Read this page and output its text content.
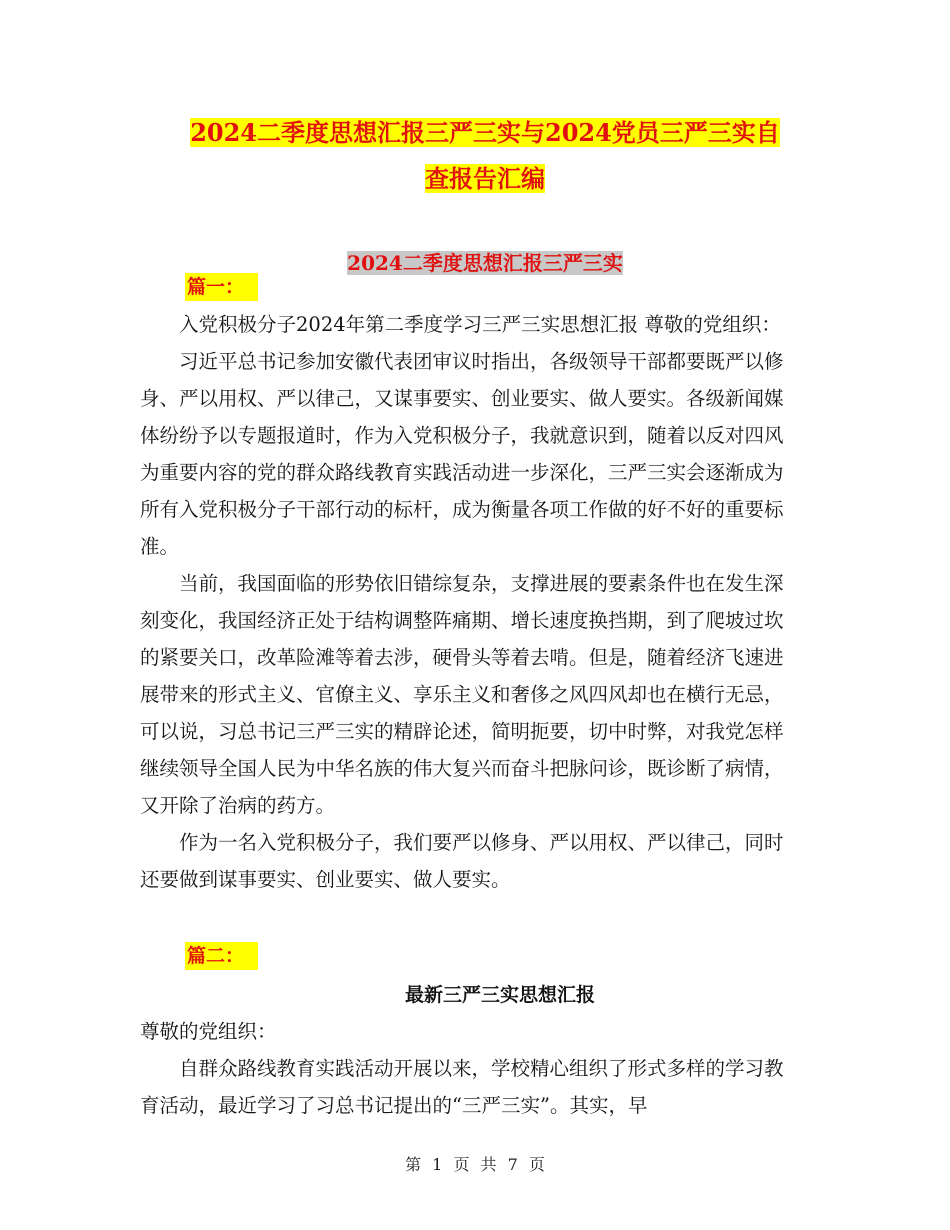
2024二季度思想汇报三严三实与2024党员三严三实自
查报告汇编
2024二季度思想汇报三严三实
篇一：

入党积极分子2024年第二季度学习三严三实思想汇报 尊敬的党组织：

习近平总书记参加安徽代表团审议时指出，各级领导干部都要既严以修身、严以用权、严以律己，又谋事要实、创业要实、做人要实。各级新闻媒体纷纷予以专题报道时，作为入党积极分子，我就意识到，随着以反对四风为重要内容的党的群众路线教育实践活动进一步深化，三严三实会逐渐成为所有入党积极分子干部行动的标杆，成为衡量各项工作做的好不好的重要标准。

当前，我国面临的形势依旧错综复杂，支撑进展的要素条件也在发生深刻变化，我国经济正处于结构调整阵痛期、增长速度换挡期，到了爬坡过坎的紧要关口，改革险滩等着去涉，硬骨头等着去啃。但是，随着经济飞速进展带来的形式主义、官僚主义、享乐主义和奢侈之风四风却也在横行无忌，可以说，习总书记三严三实的精辟论述，简明扼要，切中时弊，对我党怎样继续领导全国人民为中华名族的伟大复兴而奋斗把脉问诊，既诊断了病情，又开除了治病的药方。

作为一名入党积极分子，我们要严以修身、严以用权、严以律己，同时还要做到谋事要实、创业要实、做人要实。

篇二：
最新三严三实思想汇报
尊敬的党组织：

自群众路线教育实践活动开展以来，学校精心组织了形式多样的学习教育活动，最近学习了习总书记提出的“三严三实”。其实，早

第 1 页 共 7 页
